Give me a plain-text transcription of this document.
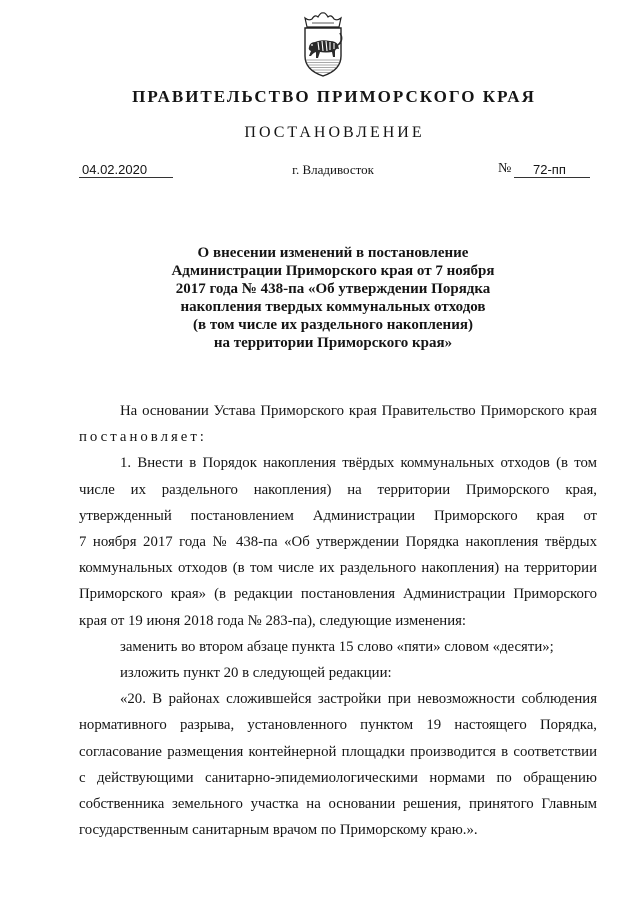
ПРАВИТЕЛЬСТВО ПРИМОРСКОГО КРАЯ
ПОСТАНОВЛЕНИЕ
04.02.2020	г. Владивосток	№	72-пп
О внесении изменений в постановление
Администрации Приморского края от 7 ноября
2017 года № 438-па «Об утверждении Порядка
накопления твердых коммунальных отходов
(в том числе их раздельного накопления)
на территории Приморского края»
На основании Устава Приморского края Правительство Приморского края
постановляет:
1. Внести в Порядок накопления твёрдых коммунальных отходов (в том
числе их раздельного накопления) на территории Приморского края,
утвержденный постановлением Администрации Приморского края от
7 ноября 2017 года № 438-па «Об утверждении Порядка накопления твёрдых
коммунальных отходов (в том числе их раздельного накопления) на территории
Приморского края» (в редакции постановления Администрации Приморского
края от 19 июня 2018 года № 283-па), следующие изменения:
заменить во втором абзаце пункта 15 слово «пяти» словом «десяти»;
изложить пункт 20 в следующей редакции:
«20. В районах сложившейся застройки при невозможности соблюдения
нормативного разрыва, установленного пунктом 19 настоящего Порядка,
согласование размещения контейнерной площадки производится в соответствии
с действующими санитарно-эпидемиологическими нормами по обращению
собственника земельного участка на основании решения, принятого Главным
государственным санитарным врачом по Приморскому краю.».
